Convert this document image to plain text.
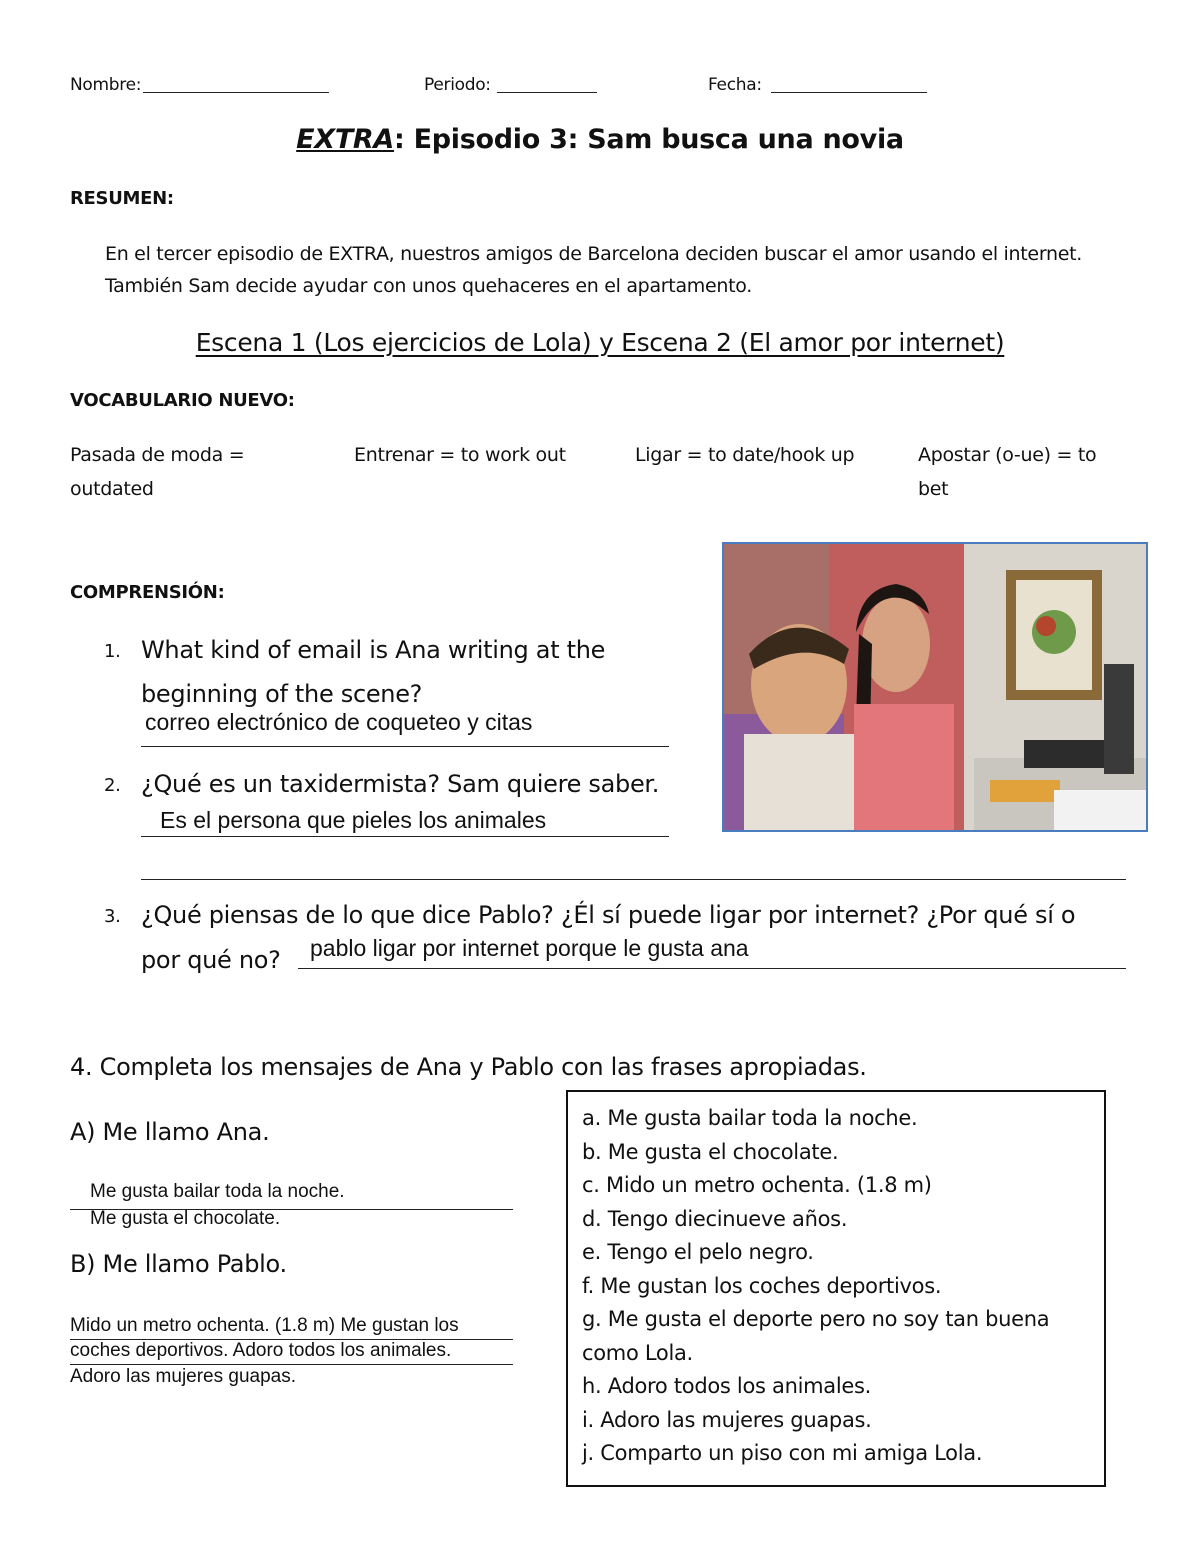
Nombre:	Periodo:	Fecha:
EXTRA: Episodio 3: Sam busca una novia
RESUMEN:
En el tercer episodio de EXTRA, nuestros amigos de Barcelona deciden buscar el amor usando el internet.
También Sam decide ayudar con unos quehaceres en el apartamento.
Escena 1 (Los ejercicios de Lola) y Escena 2 (El amor por internet)
VOCABULARIO NUEVO:
Pasada de moda = outdated
Entrenar = to work out	Ligar = to date/hook up	Apostar (o-ue) = to bet
COMPRENSIÓN:
1. What kind of email is Ana writing at the
beginning of the scene?
correo electrónico de coqueteo y citas
2. ¿Qué es un taxidermista? Sam quiere saber.
Es el persona que pieles los animales
3. ¿Qué piensas de lo que dice Pablo? ¿Él sí puede ligar por internet? ¿Por qué sí o
por qué no? pablo ligar por internet porque le gusta ana
4. Completa los mensajes de Ana y Pablo con las frases apropiadas.
A) Me llamo Ana.
Me gusta bailar toda la noche.
Me gusta el chocolate.
B) Me llamo Pablo.
Mido un metro ochenta. (1.8 m) Me gustan los
coches deportivos. Adoro todos los animales.
Adoro las mujeres guapas.
a. Me gusta bailar toda la noche.
b. Me gusta el chocolate.
c. Mido un metro ochenta. (1.8 m)
d. Tengo diecinueve años.
e. Tengo el pelo negro.
f. Me gustan los coches deportivos.
g. Me gusta el deporte pero no soy tan buena
como Lola.
h. Adoro todos los animales.
i. Adoro las mujeres guapas.
j. Comparto un piso con mi amiga Lola.
